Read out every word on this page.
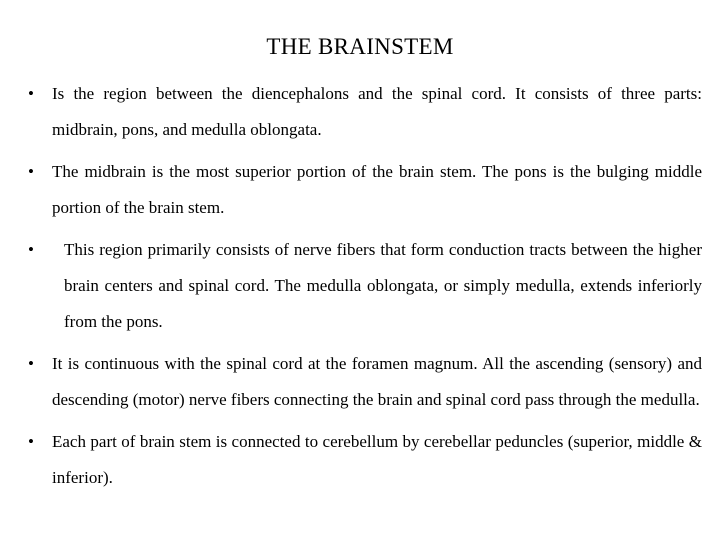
THE BRAINSTEM
• Is the region between the diencephalons and the spinal cord. It consists of three parts: midbrain, pons, and medulla oblongata.
• The midbrain is the most superior portion of the brain stem. The pons is the bulging middle portion of the brain stem.
•	This region primarily consists of nerve fibers that form conduction tracts between the higher brain centers and spinal cord. The medulla oblongata, or simply medulla, extends inferiorly from the pons.
• It is continuous with the spinal cord at the foramen magnum. All the ascending (sensory) and descending (motor) nerve fibers connecting the brain and spinal cord pass through the medulla.
• Each part of brain stem is connected to cerebellum by cerebellar peduncles (superior, middle & inferior).
